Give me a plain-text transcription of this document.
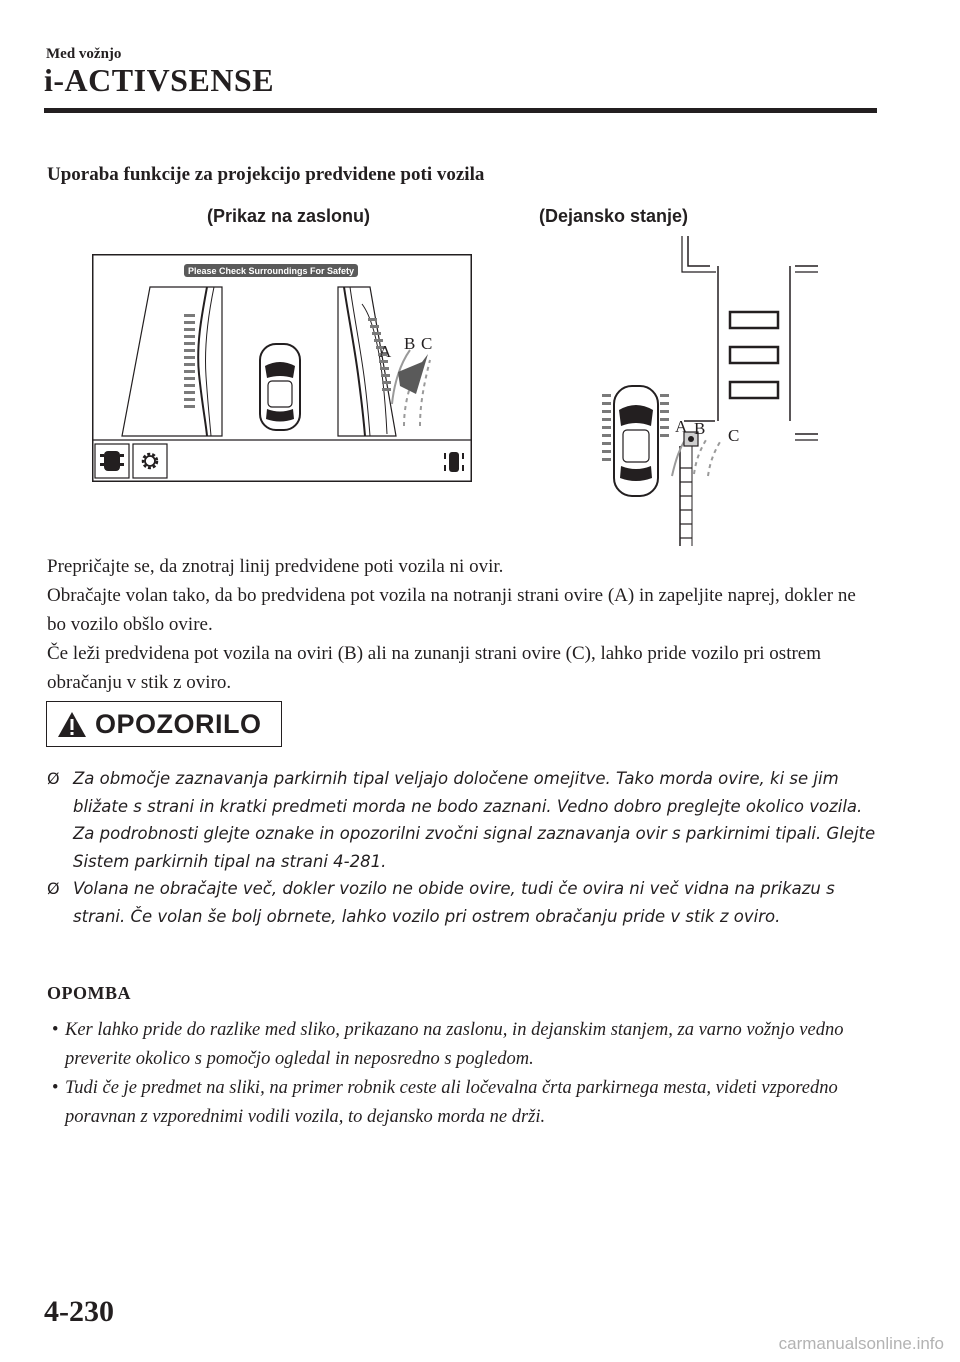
Med vožnjo
i-ACTIVSENSE
Uporaba funkcije za projekcijo predvidene poti vozila
(Prikaz na zaslonu)	(Dejansko stanje)
Please Check Surroundings For Safety
A B C
A B C

Prepričajte se, da znotraj linij predvidene poti vozila ni ovir.

Obračajte volan tako, da bo predvidena pot vozila na notranji strani ovire (A) in zapeljite naprej, dokler ne bo vozilo obšlo ovire.

Če leži predvidena pot vozila na oviri (B) ali na zunanji strani ovire (C), lahko pride vozilo pri ostrem obračanju v stik z oviro.

OPOZORILO
Ø Za območje zaznavanja parkirnih tipal veljajo določene omejitve. Tako morda ovire, ki se jim bližate s strani in kratki predmeti morda ne bodo zaznani. Vedno dobro preglejte okolico vozila.

Za podrobnosti glejte oznake in opozorilni zvočni signal zaznavanja ovir s parkirnimi tipali. Glejte Sistem parkirnih tipal na strani 4-281.

Ø Volana ne obračajte več, dokler vozilo ne obide ovire, tudi če ovira ni več vidna na prikazu s strani. Če volan še bolj obrnete, lahko vozilo pri ostrem obračanju pride v stik z oviro.

OPOMBA
• Ker lahko pride do razlike med sliko, prikazano na zaslonu, in dejanskim stanjem, za varno vožnjo vedno preverite okolico s pomočjo ogledal in neposredno s pogledom.
• Tudi če je predmet na sliki, na primer robnik ceste ali ločevalna črta parkirnega mesta, videti vzporedno poravnan z vzporednimi vodili vozila, to dejansko morda ne drži.
4-230
carmanualsonline.info
